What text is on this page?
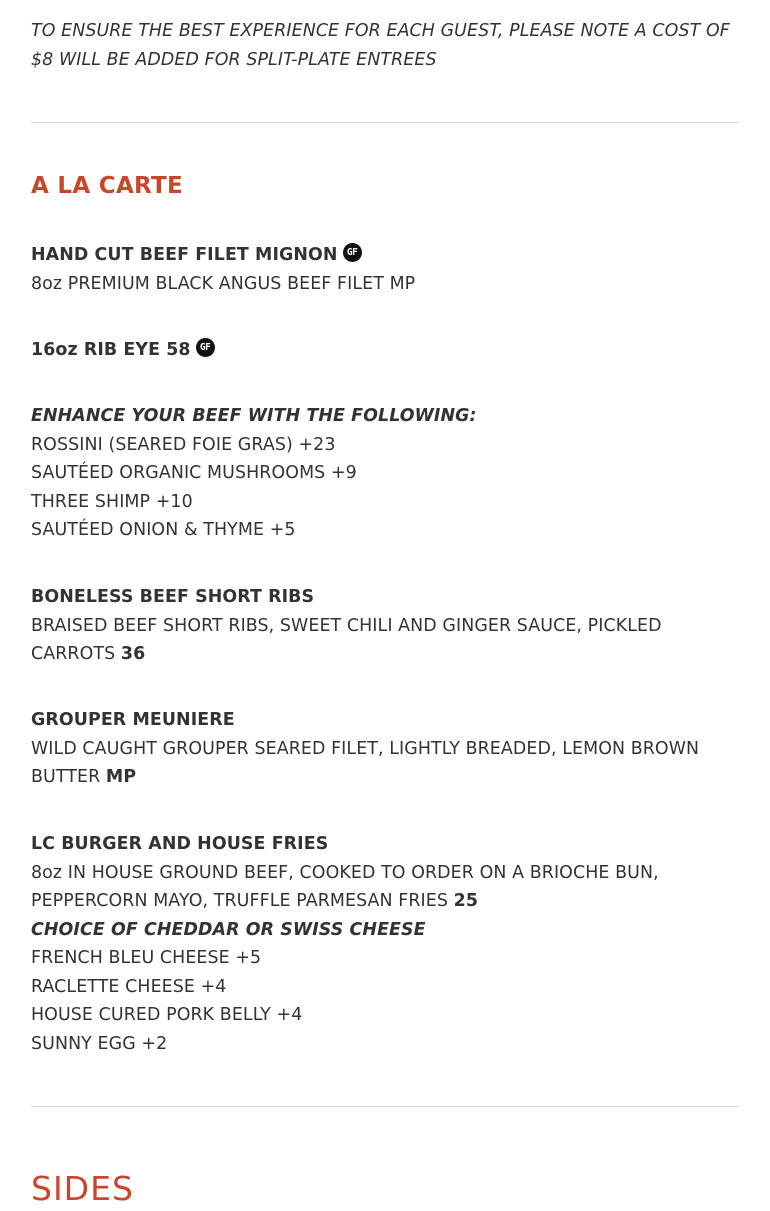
TO ENSURE THE BEST EXPERIENCE FOR EACH GUEST, PLEASE NOTE A COST OF $8 WILL BE ADDED FOR SPLIT-PLATE ENTREES
A LA CARTE
HAND CUT BEEF FILET MIGNON GF
8oz PREMIUM BLACK ANGUS BEEF FILET MP
16oz RIB EYE 58 GF
ENHANCE YOUR BEEF WITH THE FOLLOWING:
ROSSINI (SEARED FOIE GRAS) +23
SAUTÉED ORGANIC MUSHROOMS +9
THREE SHIMP +10
SAUTÉED ONION & THYME +5
BONELESS BEEF SHORT RIBS
BRAISED BEEF SHORT RIBS, SWEET CHILI AND GINGER SAUCE, PICKLED CARROTS 36
GROUPER MEUNIERE
WILD CAUGHT GROUPER SEARED FILET, LIGHTLY BREADED, LEMON BROWN BUTTER MP
LC BURGER AND HOUSE FRIES
8oz IN HOUSE GROUND BEEF, COOKED TO ORDER ON A BRIOCHE BUN, PEPPERCORN MAYO, TRUFFLE PARMESAN FRIES 25
CHOICE OF CHEDDAR OR SWISS CHEESE
FRENCH BLEU CHEESE +5
RACLETTE CHEESE +4
HOUSE CURED PORK BELLY +4
SUNNY EGG +2
SIDES
